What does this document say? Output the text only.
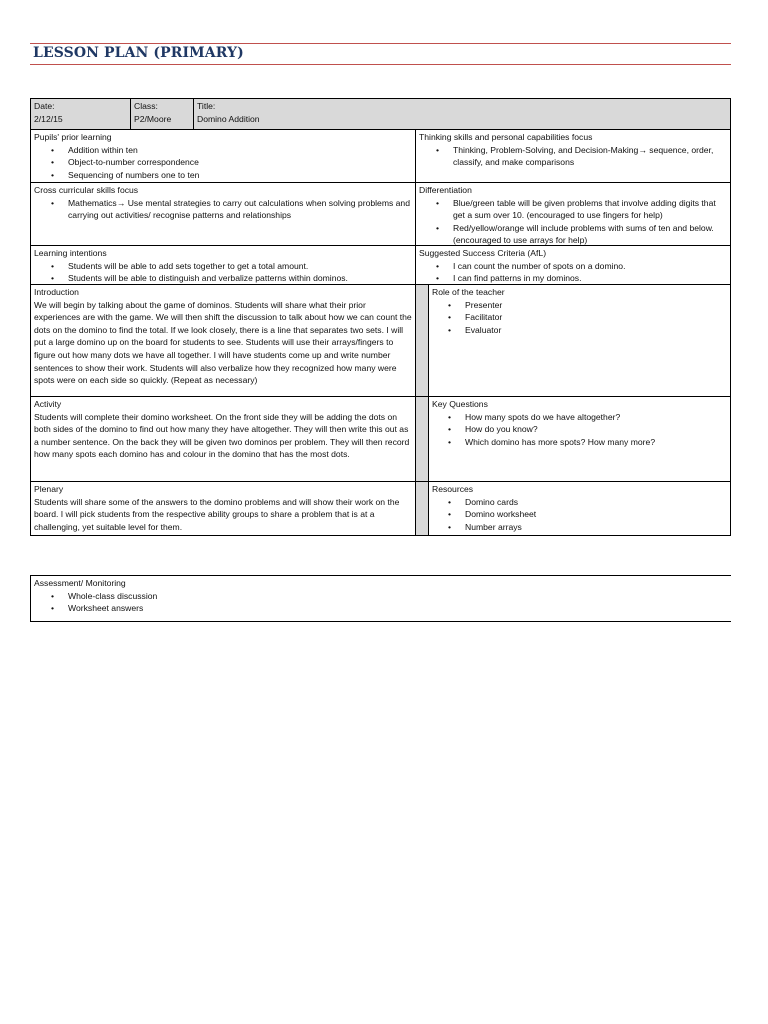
LESSON PLAN (PRIMARY)
Date:
2/12/15
Class:
P2/Moore
Title:
Domino Addition
Pupils' prior learning
• Addition within ten
• Object-to-number correspondence
• Sequencing of numbers one to ten
Thinking skills and personal capabilities focus
• Thinking, Problem-Solving, and Decision-Making→ sequence, order, classify, and make comparisons
Cross curricular skills focus
• Mathematics→ Use mental strategies to carry out calculations when solving problems and carrying out activities/ recognise patterns and relationships
Differentiation
• Blue/green table will be given problems that involve adding digits that get a sum over 10. (encouraged to use fingers for help)
• Red/yellow/orange will include problems with sums of ten and below. (encouraged to use arrays for help)
Learning intentions
• Students will be able to add sets together to get a total amount.
• Students will be able to distinguish and verbalize patterns within dominos.
Suggested Success Criteria (AfL)
• I can count the number of spots on a domino.
• I can find patterns in my dominos.
Introduction

We will begin by talking about the game of dominos. Students will share what their prior experiences are with the game. We will then shift the discussion to talk about how we can count the dots on the domino to find the total. If we look closely, there is a line that separates two sets. I will put a large domino up on the board for students to see. Students will use their arrays/fingers to figure out how many dots we have all together. I will have students come up and write number sentences to show their work. Students will also verbalize how they recognized how many were spots were on each side so quickly. (Repeat as necessary)

Role of the teacher
• Presenter
• Facilitator
• Evaluator
Activity

Students will complete their domino worksheet. On the front side they will be adding the dots on both sides of the domino to find out how many they have altogether. They will then write this out as a number sentence. On the back they will be given two dominos per problem. They will then record how many spots each domino has and colour in the domino that has the most dots.

Key Questions
• How many spots do we have altogether?
• How do you know?
• Which domino has more spots? How many more?
Plenary

Students will share some of the answers to the domino problems and will show their work on the board. I will pick students from the respective ability groups to share a problem that is at a challenging, yet suitable level for them.

Resources
• Domino cards
• Domino worksheet
• Number arrays
Assessment/ Monitoring
• Whole-class discussion
• Worksheet answers
